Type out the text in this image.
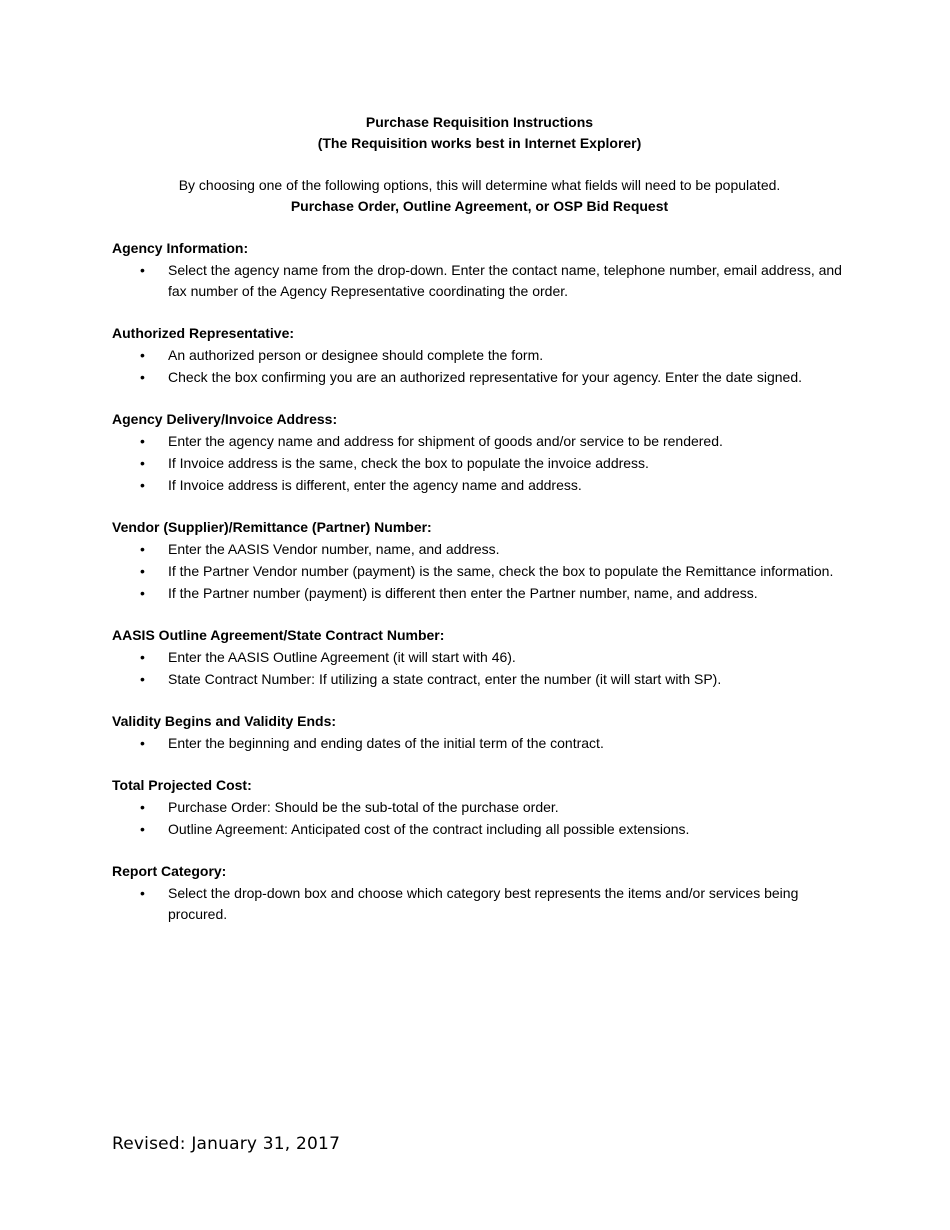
Purchase Requisition Instructions
(The Requisition works best in Internet Explorer)
By choosing one of the following options, this will determine what fields will need to be populated.
Purchase Order, Outline Agreement, or OSP Bid Request
Agency Information:
• Select the agency name from the drop-down. Enter the contact name, telephone number, email address, and fax number of the Agency Representative coordinating the order.
Authorized Representative:
• An authorized person or designee should complete the form.
• Check the box confirming you are an authorized representative for your agency. Enter the date signed.
Agency Delivery/Invoice Address:
• Enter the agency name and address for shipment of goods and/or service to be rendered.
• If Invoice address is the same, check the box to populate the invoice address.
• If Invoice address is different, enter the agency name and address.
Vendor (Supplier)/Remittance (Partner) Number:
• Enter the AASIS Vendor number, name, and address.
• If the Partner Vendor number (payment) is the same, check the box to populate the Remittance information.
• If the Partner number (payment) is different then enter the Partner number, name, and address.
AASIS Outline Agreement/State Contract Number:
• Enter the AASIS Outline Agreement (it will start with 46).
• State Contract Number: If utilizing a state contract, enter the number (it will start with SP).
Validity Begins and Validity Ends:
• Enter the beginning and ending dates of the initial term of the contract.
Total Projected Cost:
• Purchase Order: Should be the sub-total of the purchase order.
• Outline Agreement: Anticipated cost of the contract including all possible extensions.
Report Category:
• Select the drop-down box and choose which category best represents the items and/or services being procured.
Revised: January 31, 2017
